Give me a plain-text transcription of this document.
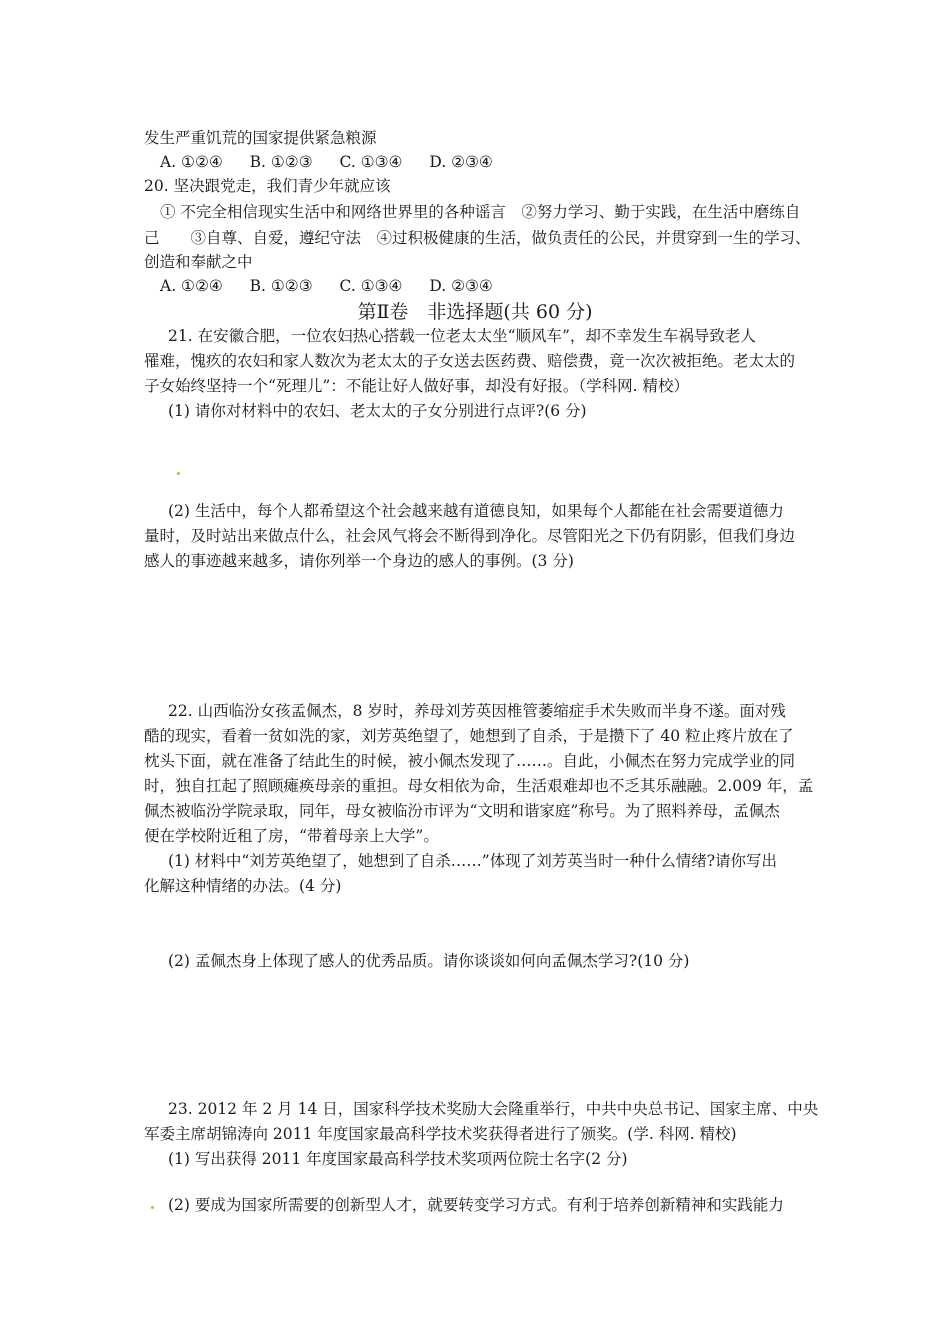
发生严重饥荒的国家提供紧急粮源
A. ①②④ B. ①②③ C. ①③④ D. ②③④
20. 坚决跟党走，我们青少年就应该
① 不完全相信现实生活中和网络世界里的各种谣言　②努力学习、勤于实践，在生活中磨练自
己　　③自尊、自爱，遵纪守法　④过积极健康的生活，做负责任的公民，并贯穿到一生的学习、
创造和奉献之中
A. ①②④ B. ①②③ C. ①③④ D. ②③④
第Ⅱ卷　非选择题(共 60 分)
21. 在安徽合肥，一位农妇热心搭载一位老太太坐“顺风车”，却不幸发生车祸导致老人
罹难，愧疚的农妇和家人数次为老太太的子女送去医药费、赔偿费，竟一次次被拒绝。老太太的
子女始终坚持一个“死理儿”：不能让好人做好事，却没有好报。（学科网. 精校）
(1) 请你对材料中的农妇、老太太的子女分别进行点评?(6 分)
(2) 生活中，每个人都希望这个社会越来越有道德良知，如果每个人都能在社会需要道德力
量时，及时站出来做点什么，社会风气将会不断得到净化。尽管阳光之下仍有阴影，但我们身边
感人的事迹越来越多，请你列举一个身边的感人的事例。(3 分)
22. 山西临汾女孩孟佩杰，8 岁时，养母刘芳英因椎管萎缩症手术失败而半身不遂。面对残
酷的现实，看着一贫如洗的家，刘芳英绝望了，她想到了自杀，于是攒下了 40 粒止疼片放在了
枕头下面，就在准备了结此生的时候，被小佩杰发现了……。自此，小佩杰在努力完成学业的同
时，独自扛起了照顾瘫痪母亲的重担。母女相依为命，生活艰难却也不乏其乐融融。2.009 年，孟
佩杰被临汾学院录取，同年，母女被临汾市评为“文明和谐家庭”称号。为了照料养母，孟佩杰
便在学校附近租了房，“带着母亲上大学”。
(1) 材料中“刘芳英绝望了，她想到了自杀……”体现了刘芳英当时一种什么情绪?请你写出
化解这种情绪的办法。(4 分)
(2) 孟佩杰身上体现了感人的优秀品质。请你谈谈如何向孟佩杰学习?(10 分)
23. 2012 年 2 月 14 日，国家科学技术奖励大会隆重举行，中共中央总书记、国家主席、中央
军委主席胡锦涛向 2011 年度国家最高科学技术奖获得者进行了颁奖。(学. 科网. 精校)
(1) 写出获得 2011 年度国家最高科学技术奖项两位院士名字(2 分)
(2) 要成为国家所需要的创新型人才，就要转变学习方式。有利于培养创新精神和实践能力
